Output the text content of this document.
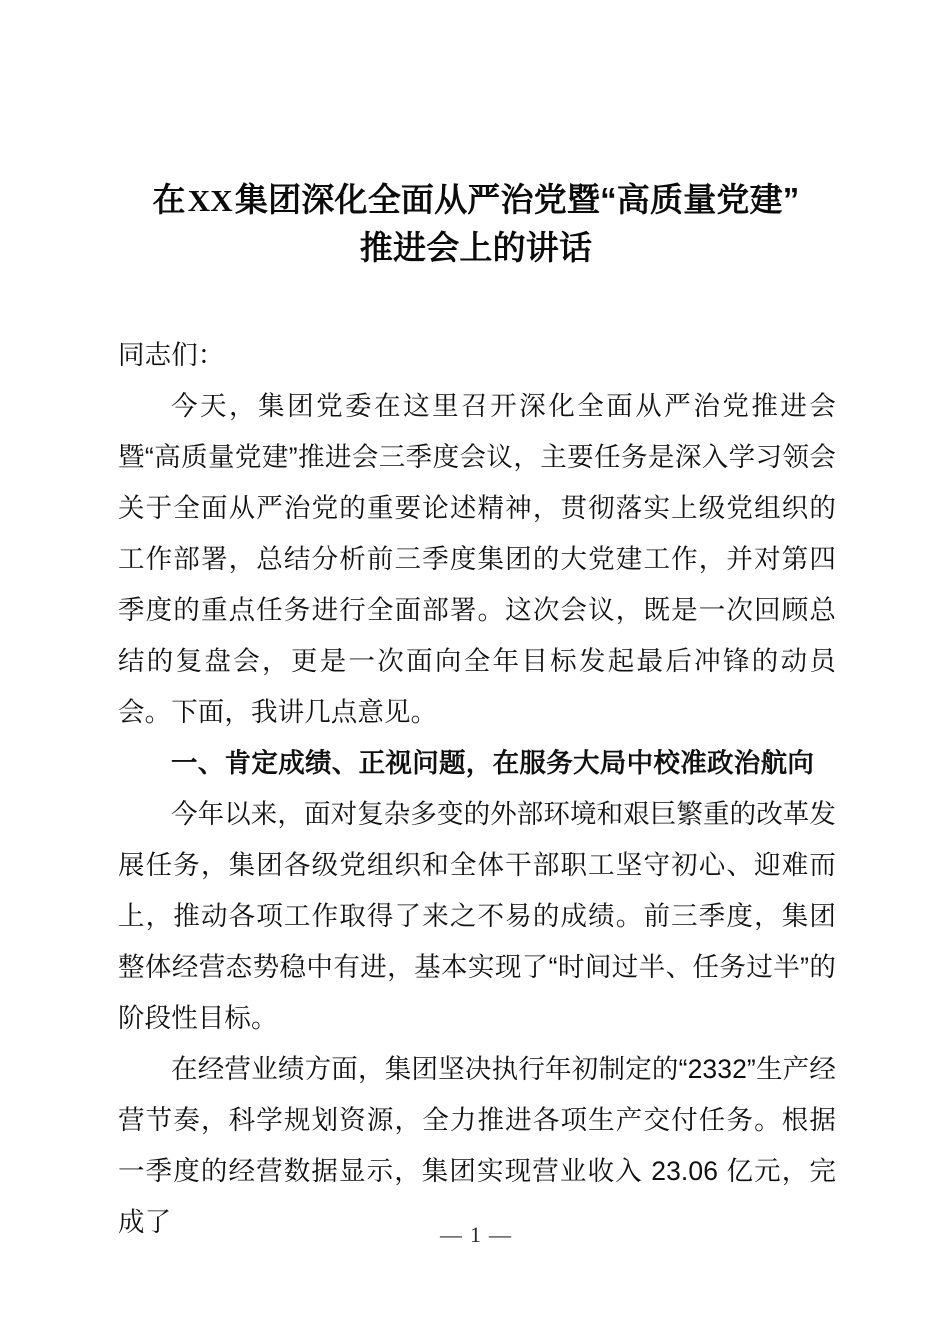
在XX集团深化全面从严治党暨“高质量党建”
推进会上的讲话

同志们：

今天，集团党委在这里召开深化全面从严治党推进会暨“高质量党建”推进会三季度会议，主要任务是深入学习领会关于全面从严治党的重要论述精神，贯彻落实上级党组织的工作部署，总结分析前三季度集团的大党建工作，并对第四季度的重点任务进行全面部署。这次会议，既是一次回顾总结的复盘会，更是一次面向全年目标发起最后冲锋的动员会。下面，我讲几点意见。

一、肯定成绩、正视问题，在服务大局中校准政治航向

今年以来，面对复杂多变的外部环境和艰巨繁重的改革发展任务，集团各级党组织和全体干部职工坚守初心、迎难而上，推动各项工作取得了来之不易的成绩。前三季度，集团整体经营态势稳中有进，基本实现了“时间过半、任务过半”的阶段性目标。

在经营业绩方面，集团坚决执行年初制定的“2332”生产经营节奏，科学规划资源，全力推进各项生产交付任务。根据一季度的经营数据显示，集团实现营业收入 23.06 亿元，完成了	— 1 —
